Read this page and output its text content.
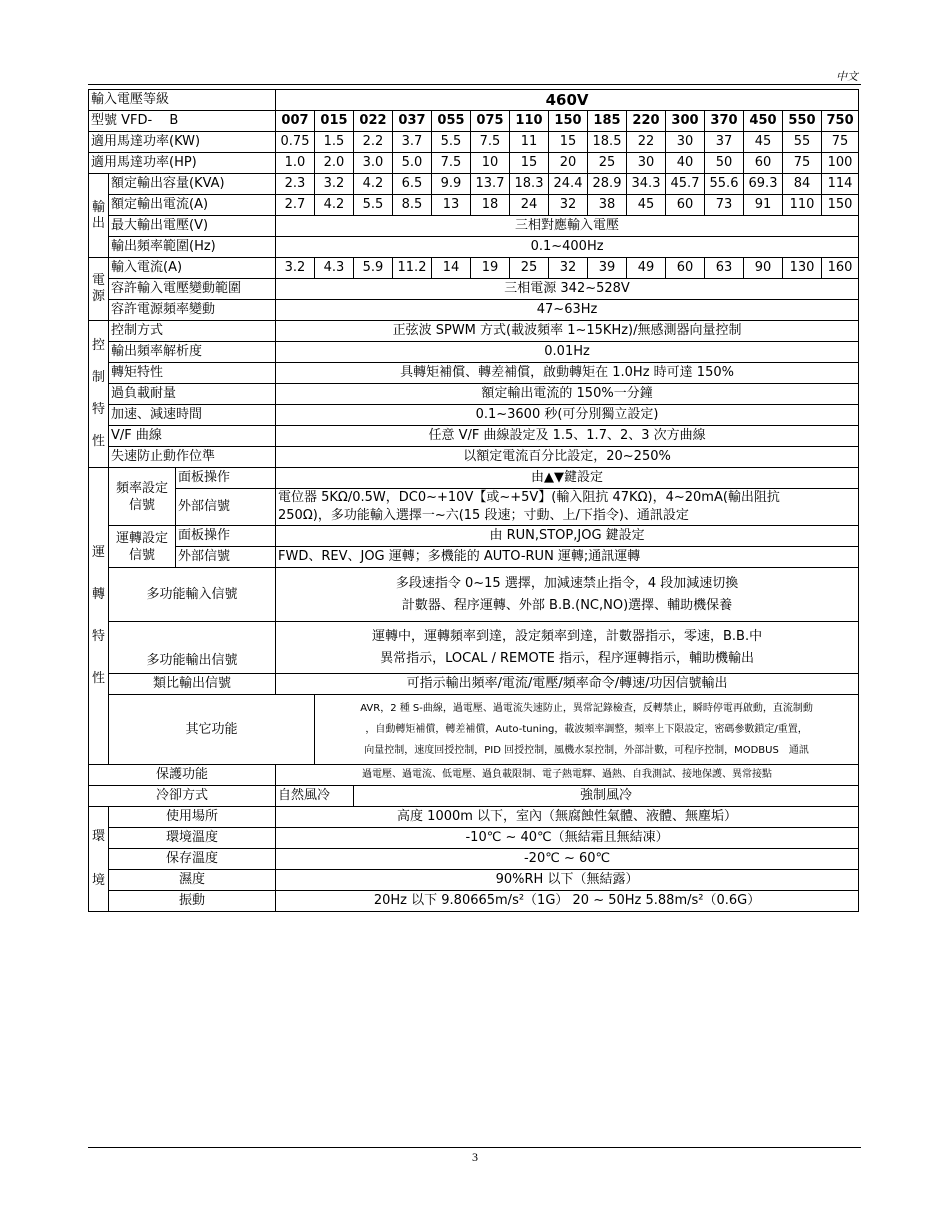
中文
輸入電壓等級			460V														
型號 VFD-　 B			007	015	022	037	055	075	110	150	185	220	300	370	450	550	750
適用馬達功率(KW)			0.75	1.5	2.2	3.7	5.5	7.5	11	15	18.5	22	30	37	45	55	75
適用馬達功率(HP)			1.0	2.0	3.0	5.0	7.5	10	15	20	25	30	40	50	60	75	100
輸出	額定輸出容量(KVA)		2.3	3.2	4.2	6.5	9.9	13.7	18.3	24.4	28.9	34.3	45.7	55.6	69.3	84	114
	額定輸出電流(A)		2.7	4.2	5.5	8.5	13	18	24	32	38	45	60	73	91	110	150
	最大輸出電壓(V)		三相對應輸入電壓														
	輸出頻率範圍(Hz)		0.1~400Hz														
電源	輸入電流(A)		3.2	4.3	5.9	11.2	14	19	25	32	39	49	60	63	90	130	160
	容許輸入電壓變動範圍		三相電源 342~528V														
	容許電源頻率變動		47~63Hz														
控制特性	控制方式		正弦波 SPWM 方式(載波頻率 1~15KHz)/無感測器向量控制														
	輸出頻率解析度		0.01Hz														
	轉矩特性		具轉矩補償、轉差補償，啟動轉矩在 1.0Hz 時可達 150%														
	過負載耐量		額定輸出電流的 150%一分鐘														
	加速、減速時間		0.1~3600 秒(可分別獨立設定)														
	V/F 曲線		任意 V/F 曲線設定及 1.5、1.7、2、3 次方曲線														
	失速防止動作位準		以額定電流百分比設定，20~250%														
運轉特性	頻率設定信號	面板操作	由▲▼鍵設定														
		外部信號	電位器 5KΩ/0.5W，DC0~+10V【或~+5V】(輸入阻抗 47KΩ)，4~20mA(輸出阻抗
250Ω)，多功能輸入選擇一~六(15 段速；寸動、上/下指令)、通訊設定														

	運轉設定信號	面板操作	由 RUN,STOP,JOG 鍵設定														
		外部信號	FWD、REV、JOG 運轉；多機能的 AUTO-RUN 運轉;通訊運轉														
	多功能輸入信號		多段速指令 0~15 選擇，加減速禁止指令，4 段加減速切換
計數器、程序運轉、外部 B.B.(NC,NO)選擇、輔助機保養														

	多功能輸出信號		運轉中，運轉頻率到達，設定頻率到達，計數器指示，零速，B.B.中
異常指示，LOCAL / REMOTE 指示，程序運轉指示，輔助機輸出														

	類比輸出信號		可指示輸出頻率/電流/電壓/頻率命令/轉速/功因信號輸出														
	其它功能			AVR，2 種 S-曲線，過電壓、過電流失速防止，異常記錄檢查，反轉禁止，瞬時停電再啟動，直流制動
，自動轉矩補償，轉差補償，Auto-tuning，載波頻率調整，頻率上下限設定，密碼參數鎖定/重置，
向量控制，速度回授控制，PID 回授控制，風機水泵控制，外部計數，可程序控制，MODBUS　通訊													

保護功能			過電壓、過電流、低電壓、過負載限制、電子熱電驛、過熱、自我測試、接地保護、異常接點														
冷卻方式			自然風冷		強制風冷												
環境	使用場所		高度 1000m 以下，室內（無腐蝕性氣體、液體、無塵垢）														
	環境溫度		-10℃ ~ 40℃（無結霜且無結凍）														
	保存溫度		-20℃ ~ 60℃														
	濕度		90%RH 以下（無結露）														
	振動		20Hz 以下 9.80665m/s²（1G） 20 ~ 50Hz 5.88m/s²（0.6G）														
3
